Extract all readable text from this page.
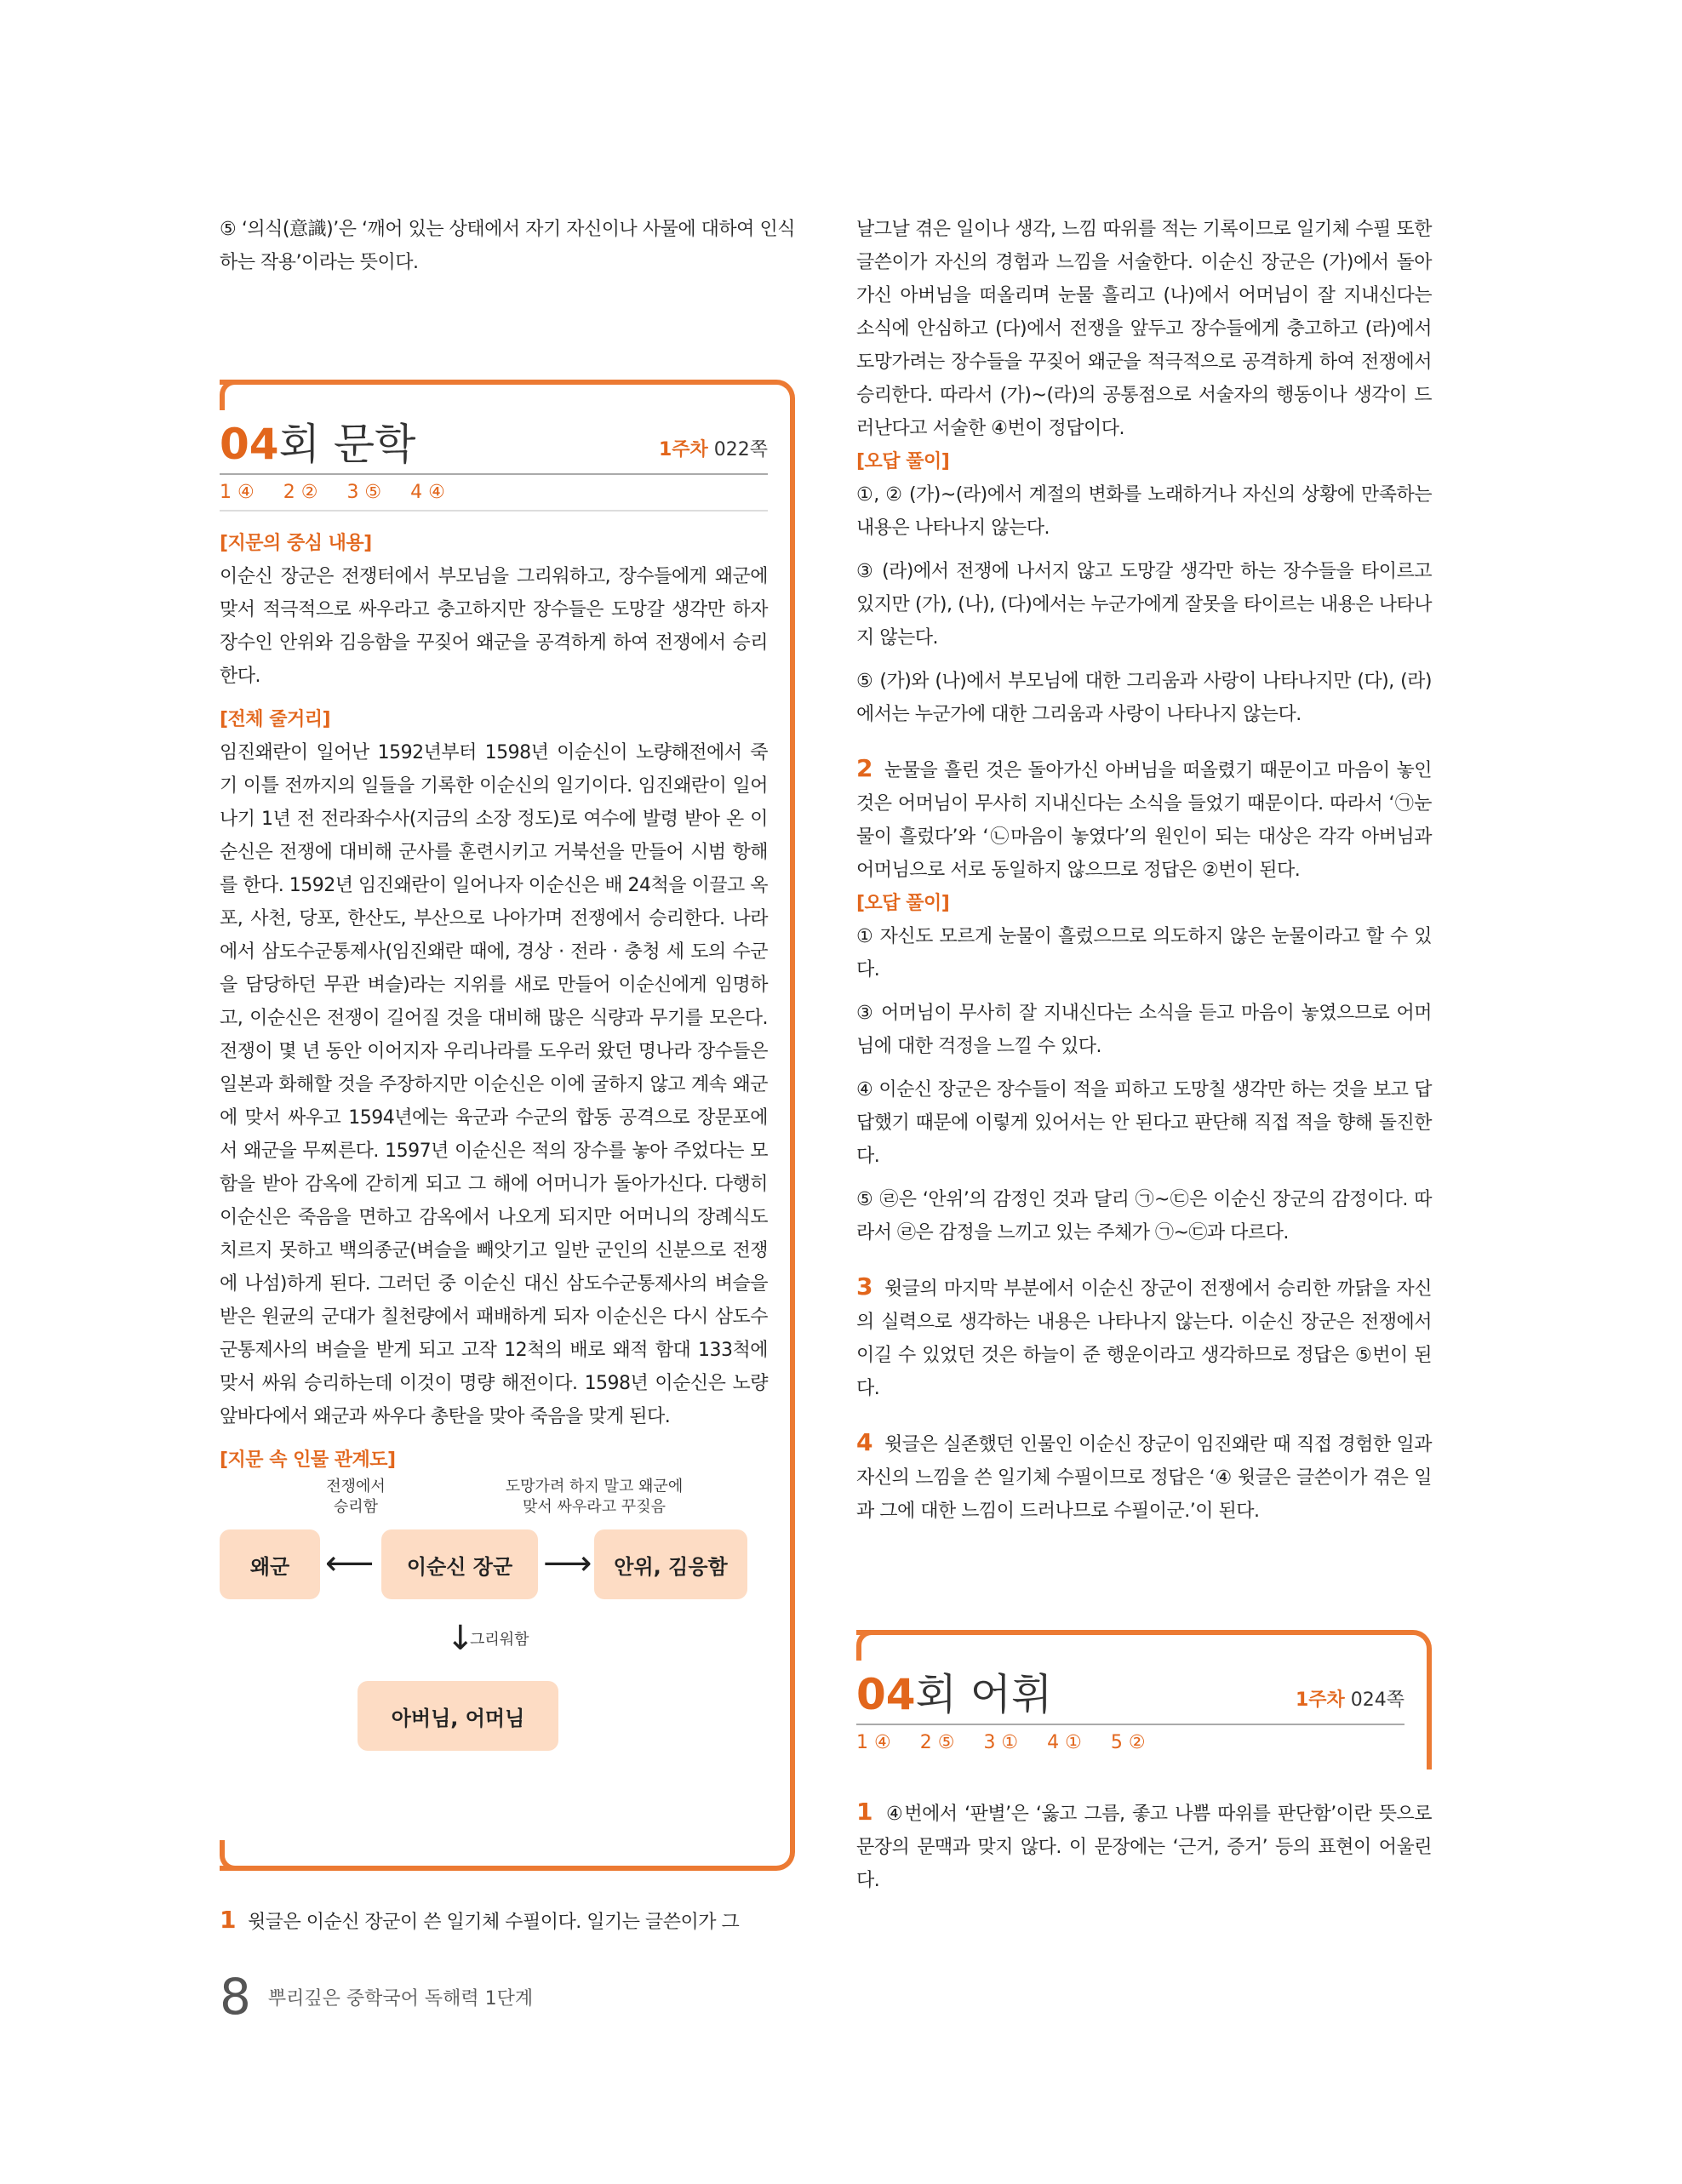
⑤ ‘의식(意識)’은 ‘깨어 있는 상태에서 자기 자신이나 사물에 대하여 인식하는 작용’이라는 뜻이다.

04회 문학	1주차 022쪽
1 ④ 2 ② 3 ⑤ 4 ④
[지문의 중심 내용]

이순신 장군은 전쟁터에서 부모님을 그리워하고, 장수들에게 왜군에 맞서 적극적으로 싸우라고 충고하지만 장수들은 도망갈 생각만 하자 장수인 안위와 김응함을 꾸짖어 왜군을 공격하게 하여 전쟁에서 승리한다.

[전체 줄거리]

임진왜란이 일어난 1592년부터 1598년 이순신이 노량해전에서 죽기 이틀 전까지의 일들을 기록한 이순신의 일기이다. 임진왜란이 일어나기 1년 전 전라좌수사(지금의 소장 정도)로 여수에 발령 받아 온 이순신은 전쟁에 대비해 군사를 훈련시키고 거북선을 만들어 시범 항해를 한다. 1592년 임진왜란이 일어나자 이순신은 배 24척을 이끌고 옥포, 사천, 당포, 한산도, 부산으로 나아가며 전쟁에서 승리한다. 나라에서 삼도수군통제사(임진왜란 때에, 경상 · 전라 · 충청 세 도의 수군을 담당하던 무관 벼슬)라는 지위를 새로 만들어 이순신에게 임명하고, 이순신은 전쟁이 길어질 것을 대비해 많은 식량과 무기를 모은다. 전쟁이 몇 년 동안 이어지자 우리나라를 도우러 왔던 명나라 장수들은 일본과 화해할 것을 주장하지만 이순신은 이에 굴하지 않고 계속 왜군에 맞서 싸우고 1594년에는 육군과 수군의 합동 공격으로 장문포에서 왜군을 무찌른다. 1597년 이순신은 적의 장수를 놓아 주었다는 모함을 받아 감옥에 갇히게 되고 그 해에 어머니가 돌아가신다. 다행히 이순신은 죽음을 면하고 감옥에서 나오게 되지만 어머니의 장례식도 치르지 못하고 백의종군(벼슬을 빼앗기고 일반 군인의 신분으로 전쟁에 나섬)하게 된다. 그러던 중 이순신 대신 삼도수군통제사의 벼슬을 받은 원균의 군대가 칠천량에서 패배하게 되자 이순신은 다시 삼도수군통제사의 벼슬을 받게 되고 고작 12척의 배로 왜적 함대 133척에 맞서 싸워 승리하는데 이것이 명량 해전이다. 1598년 이순신은 노량 앞바다에서 왜군과 싸우다 총탄을 맞아 죽음을 맞게 된다.

[지문 속 인물 관계도]
전쟁에서
승리함
도망가려 하지 말고 왜군에
맞서 싸우라고 꾸짖음
왜군	⟵	이순신 장군 ⟶	안위, 김응함
↓
그리워함
아버님, 어머님

1 윗글은 이순신 장군이 쓴 일기체 수필이다. 일기는 글쓴이가 그

날그날 겪은 일이나 생각, 느낌 따위를 적는 기록이므로 일기체 수필 또한 글쓴이가 자신의 경험과 느낌을 서술한다. 이순신 장군은 (가)에서 돌아가신 아버님을 떠올리며 눈물 흘리고 (나)에서 어머님이 잘 지내신다는 소식에 안심하고 (다)에서 전쟁을 앞두고 장수들에게 충고하고 (라)에서 도망가려는 장수들을 꾸짖어 왜군을 적극적으로 공격하게 하여 전쟁에서 승리한다. 따라서 (가)~(라)의 공통점으로 서술자의 행동이나 생각이 드러난다고 서술한 ④번이 정답이다.

[오답 풀이]

①, ② (가)~(라)에서 계절의 변화를 노래하거나 자신의 상황에 만족하는 내용은 나타나지 않는다.

③ (라)에서 전쟁에 나서지 않고 도망갈 생각만 하는 장수들을 타이르고 있지만 (가), (나), (다)에서는 누군가에게 잘못을 타이르는 내용은 나타나지 않는다.

⑤ (가)와 (나)에서 부모님에 대한 그리움과 사랑이 나타나지만 (다), (라)에서는 누군가에 대한 그리움과 사랑이 나타나지 않는다.

2 눈물을 흘린 것은 돌아가신 아버님을 떠올렸기 때문이고 마음이 놓인 것은 어머님이 무사히 지내신다는 소식을 들었기 때문이다. 따라서 ‘㉠눈물이 흘렀다’와 ‘㉡마음이 놓였다’의 원인이 되는 대상은 각각 아버님과 어머님으로 서로 동일하지 않으므로 정답은 ②번이 된다.

[오답 풀이]

① 자신도 모르게 눈물이 흘렀으므로 의도하지 않은 눈물이라고 할 수 있다.

③ 어머님이 무사히 잘 지내신다는 소식을 듣고 마음이 놓였으므로 어머님에 대한 걱정을 느낄 수 있다.

④ 이순신 장군은 장수들이 적을 피하고 도망칠 생각만 하는 것을 보고 답답했기 때문에 이렇게 있어서는 안 된다고 판단해 직접 적을 향해 돌진한다.

⑤ ㉣은 ‘안위’의 감정인 것과 달리 ㉠~㉢은 이순신 장군의 감정이다. 따라서 ㉣은 감정을 느끼고 있는 주체가 ㉠~㉢과 다르다.

3 윗글의 마지막 부분에서 이순신 장군이 전쟁에서 승리한 까닭을 자신의 실력으로 생각하는 내용은 나타나지 않는다. 이순신 장군은 전쟁에서 이길 수 있었던 것은 하늘이 준 행운이라고 생각하므로 정답은 ⑤번이 된다.

4 윗글은 실존했던 인물인 이순신 장군이 임진왜란 때 직접 경험한 일과 자신의 느낌을 쓴 일기체 수필이므로 정답은 ‘④ 윗글은 글쓴이가 겪은 일과 그에 대한 느낌이 드러나므로 수필이군.’이 된다.

04회 어휘	1주차 024쪽
1 ④ 2 ⑤ 3 ① 4 ① 5 ②

1 ④번에서 ‘판별’은 ‘옳고 그름, 좋고 나쁨 따위를 판단함’이란 뜻으로 문장의 문맥과 맞지 않다. 이 문장에는 ‘근거, 증거’ 등의 표현이 어울린다.

8 뿌리깊은 중학국어 독해력 1단계
